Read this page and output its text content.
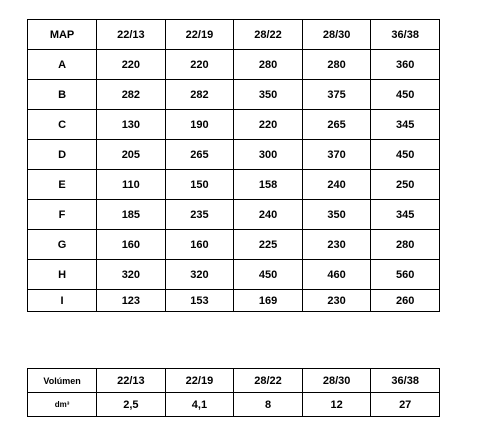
MAP	22/13	22/19	28/22	28/30	36/38
A	220	220	280	280	360
B	282	282	350	375	450
C	130	190	220	265	345
D	205	265	300	370	450
E	110	150	158	240	250
F	185	235	240	350	345
G	160	160	225	230	280
H	320	320	450	460	560
I	123	153	169	230	260
Volúmen	22/13	22/19	28/22	28/30	36/38
dm³	2,5	4,1	8	12	27
